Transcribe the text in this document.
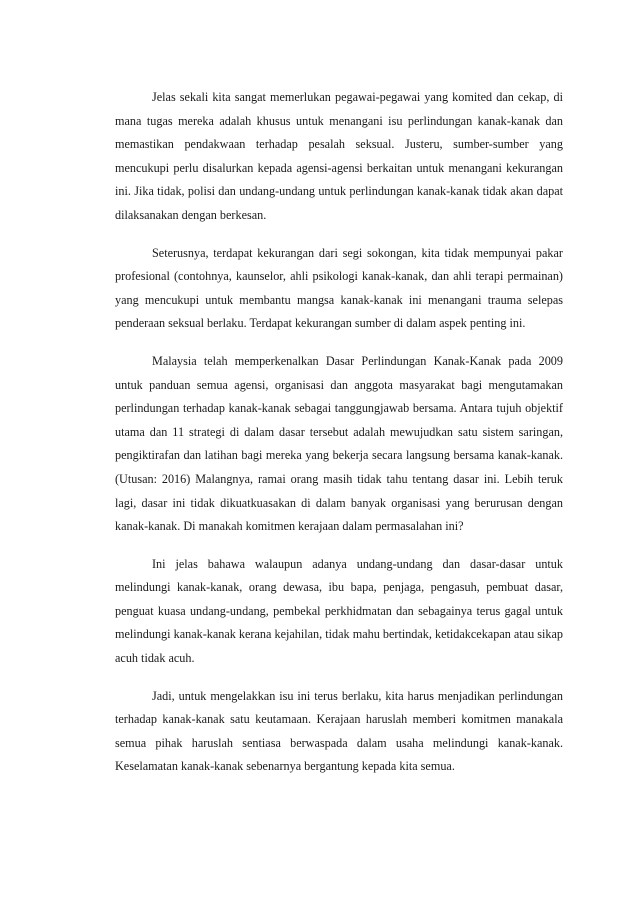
Jelas sekali kita sangat memerlukan pegawai-pegawai yang komited dan cekap, di mana tugas mereka adalah khusus untuk menangani isu perlindungan kanak-kanak dan memastikan pendakwaan terhadap pesalah seksual. Justeru, sumber-sumber yang mencukupi perlu disalurkan kepada agensi-agensi berkaitan untuk menangani kekurangan ini. Jika tidak, polisi dan undang-undang untuk perlindungan kanak-kanak tidak akan dapat dilaksanakan dengan berkesan.

Seterusnya, terdapat kekurangan dari segi sokongan, kita tidak mempunyai pakar profesional (contohnya, kaunselor, ahli psikologi kanak-kanak, dan ahli terapi permainan) yang mencukupi untuk membantu mangsa kanak-kanak ini menangani trauma selepas penderaan seksual berlaku. Terdapat kekurangan sumber di dalam aspek penting ini.

Malaysia telah memperkenalkan Dasar Perlindungan Kanak-Kanak pada 2009 untuk panduan semua agensi, organisasi dan anggota masyarakat bagi mengutamakan perlindungan terhadap kanak-kanak sebagai tanggungjawab bersama. Antara tujuh objektif utama dan 11 strategi di dalam dasar tersebut adalah mewujudkan satu sistem saringan, pengiktirafan dan latihan bagi mereka yang bekerja secara langsung bersama kanak-kanak. (Utusan: 2016) Malangnya, ramai orang masih tidak tahu tentang dasar ini. Lebih teruk lagi, dasar ini tidak dikuatkuasakan di dalam banyak organisasi yang berurusan dengan kanak-kanak. Di manakah komitmen kerajaan dalam permasalahan ini?

Ini jelas bahawa walaupun adanya undang-undang dan dasar-dasar untuk melindungi kanak-kanak, orang dewasa, ibu bapa, penjaga, pengasuh, pembuat dasar, penguat kuasa undang-undang, pembekal perkhidmatan dan sebagainya terus gagal untuk melindungi kanak-kanak kerana kejahilan, tidak mahu bertindak, ketidakcekapan atau sikap acuh tidak acuh.

Jadi, untuk mengelakkan isu ini terus berlaku, kita harus menjadikan perlindungan terhadap kanak-kanak satu keutamaan. Kerajaan haruslah memberi komitmen manakala semua pihak haruslah sentiasa berwaspada dalam usaha melindungi kanak-kanak. Keselamatan kanak-kanak sebenarnya bergantung kepada kita semua.
